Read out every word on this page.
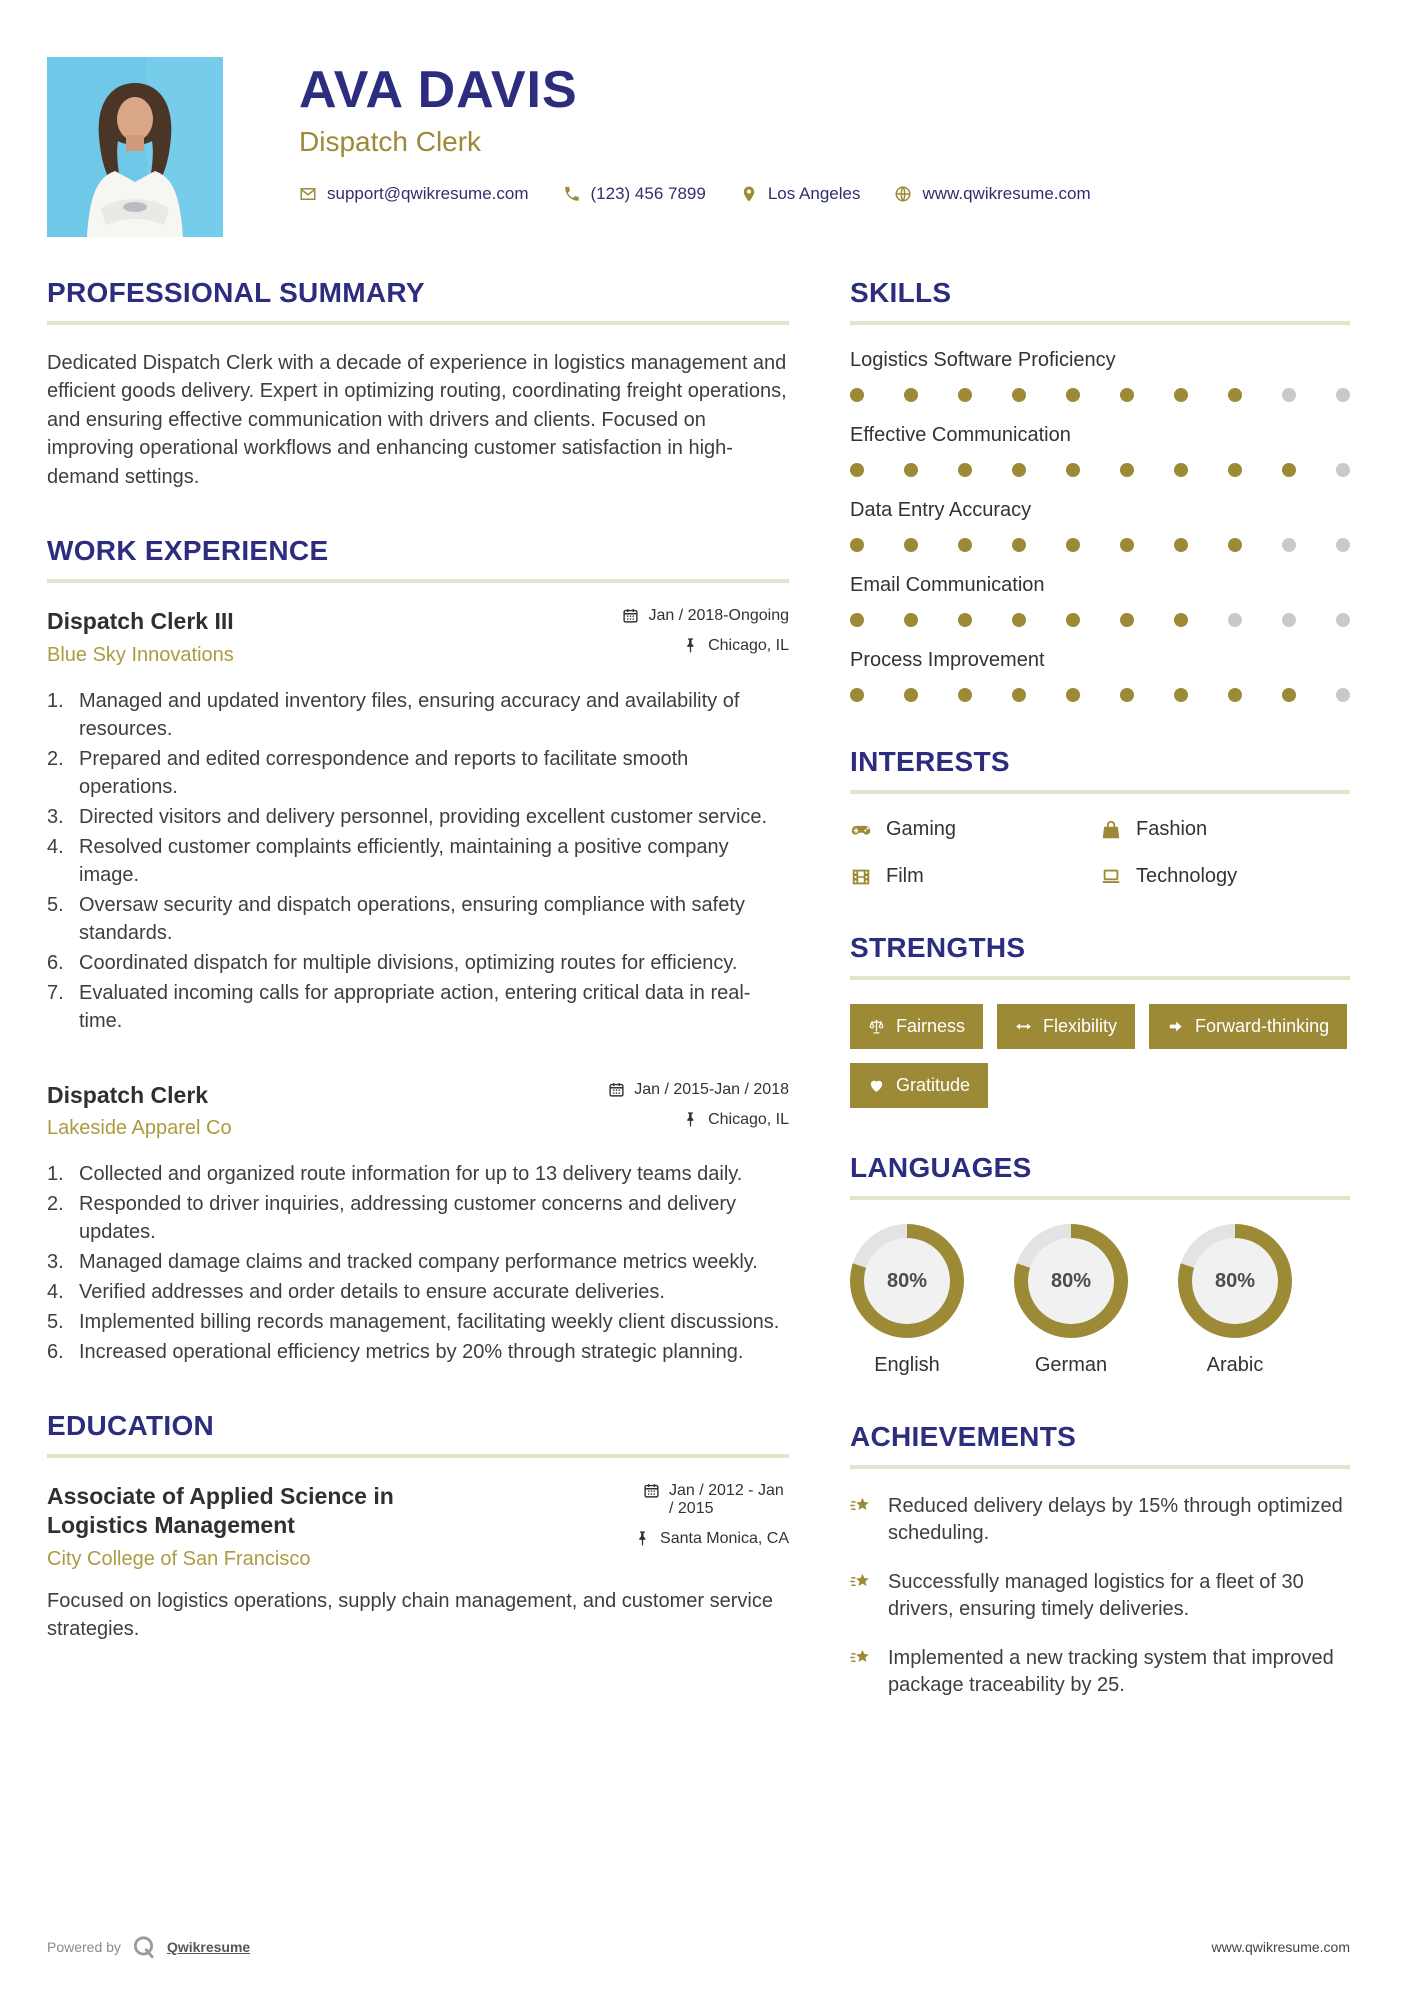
AVA DAVIS
Dispatch Clerk
support@qwikresume.com	(123) 456 7899	Los Angeles	www.qwikresume.com
PROFESSIONAL SUMMARY

Dedicated Dispatch Clerk with a decade of experience in logistics management and efficient goods delivery. Expert in optimizing routing, coordinating freight operations, and ensuring effective communication with drivers and clients. Focused on improving operational workflows and enhancing customer satisfaction in high-demand settings.

WORK EXPERIENCE
Dispatch Clerk III
Blue Sky Innovations
Jan / 2018-Ongoing
Chicago, IL
1. Managed and updated inventory files, ensuring accuracy and availability of resources.
2. Prepared and edited correspondence and reports to facilitate smooth operations.
3. Directed visitors and delivery personnel, providing excellent customer service.
4. Resolved customer complaints efficiently, maintaining a positive company image.
5. Oversaw security and dispatch operations, ensuring compliance with safety standards.
6. Coordinated dispatch for multiple divisions, optimizing routes for efficiency.
7. Evaluated incoming calls for appropriate action, entering critical data in real-time.
Dispatch Clerk
Lakeside Apparel Co
Jan / 2015-Jan / 2018
Chicago, IL
1. Collected and organized route information for up to 13 delivery teams daily.
2. Responded to driver inquiries, addressing customer concerns and delivery updates.
3. Managed damage claims and tracked company performance metrics weekly.
4. Verified addresses and order details to ensure accurate deliveries.
5. Implemented billing records management, facilitating weekly client discussions.
6. Increased operational efficiency metrics by 20% through strategic planning.
EDUCATION
Associate of Applied Science in Logistics Management
City College of San Francisco
Jan / 2012 - Jan / 2015
Santa Monica, CA

Focused on logistics operations, supply chain management, and customer service strategies.

SKILLS
Logistics Software Proficiency
Effective Communication
Data Entry Accuracy
Email Communication
Process Improvement
INTERESTS
Gaming	Fashion
Film	Technology
STRENGTHS
Fairness	Flexibility	Forward-thinking
Gratitude
LANGUAGES
80%
English
80%
German
80%
Arabic
ACHIEVEMENTS

Reduced delivery delays by 15% through optimized scheduling.

Successfully managed logistics for a fleet of 30 drivers, ensuring timely deliveries.

Implemented a new tracking system that improved package traceability by 25.

Powered by	Qwikresume	www.qwikresume.com
